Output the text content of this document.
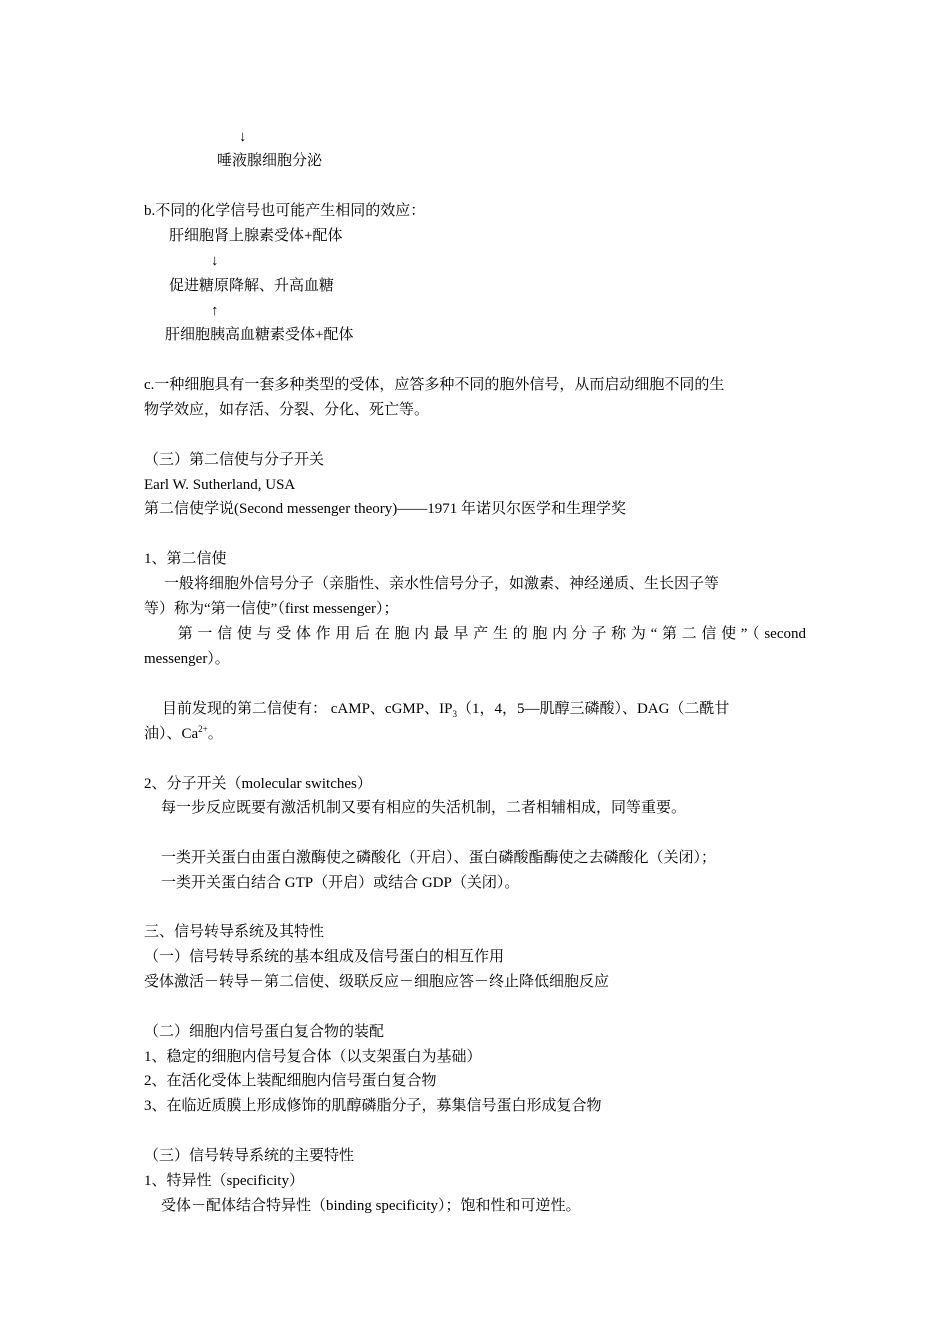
↓
唾液腺细胞分泌
b.不同的化学信号也可能产生相同的效应：
肝细胞肾上腺素受体+配体
↓
促进糖原降解、升高血糖
↑
肝细胞胰高血糖素受体+配体
c.一种细胞具有一套多种类型的受体，应答多种不同的胞外信号，从而启动细胞不同的生
物学效应，如存活、分裂、分化、死亡等。
（三）第二信使与分子开关
Earl W. Sutherland, USA
第二信使学说(Second messenger theory)——1971 年诺贝尔医学和生理学奖
1、第二信使
一般将细胞外信号分子（亲脂性、亲水性信号分子，如激素、神经递质、生长因子等
等）称为“第一信使”（first messenger）；
第一信使与受体作用后在胞内最早产生的胞内分子称为“第二信使”（second
messenger）。
目前发现的第二信使有： cAMP、cGMP、$IP_3(1$，4，5—肌醇三磷酸）、DAG（二酰甘
油）、$Ca^{2+}$。
2、分子开关（molecular switches）
每一步反应既要有激活机制又要有相应的失活机制，二者相辅相成，同等重要。
一类开关蛋白由蛋白激酶使之磷酸化（开启）、蛋白磷酸酯酶使之去磷酸化（关闭）；
一类开关蛋白结合 GTP（开启）或结合 GDP（关闭）。
三、信号转导系统及其特性
（一）信号转导系统的基本组成及信号蛋白的相互作用
受体激活－转导－第二信使、级联反应－细胞应答－终止降低细胞反应
（二）细胞内信号蛋白复合物的装配
1、稳定的细胞内信号复合体（以支架蛋白为基础）
2、在活化受体上装配细胞内信号蛋白复合物
3、在临近质膜上形成修饰的肌醇磷脂分子，募集信号蛋白形成复合物
（三）信号转导系统的主要特性
1、特异性（specificity）
受体－配体结合特异性（binding specificity）；饱和性和可逆性。
